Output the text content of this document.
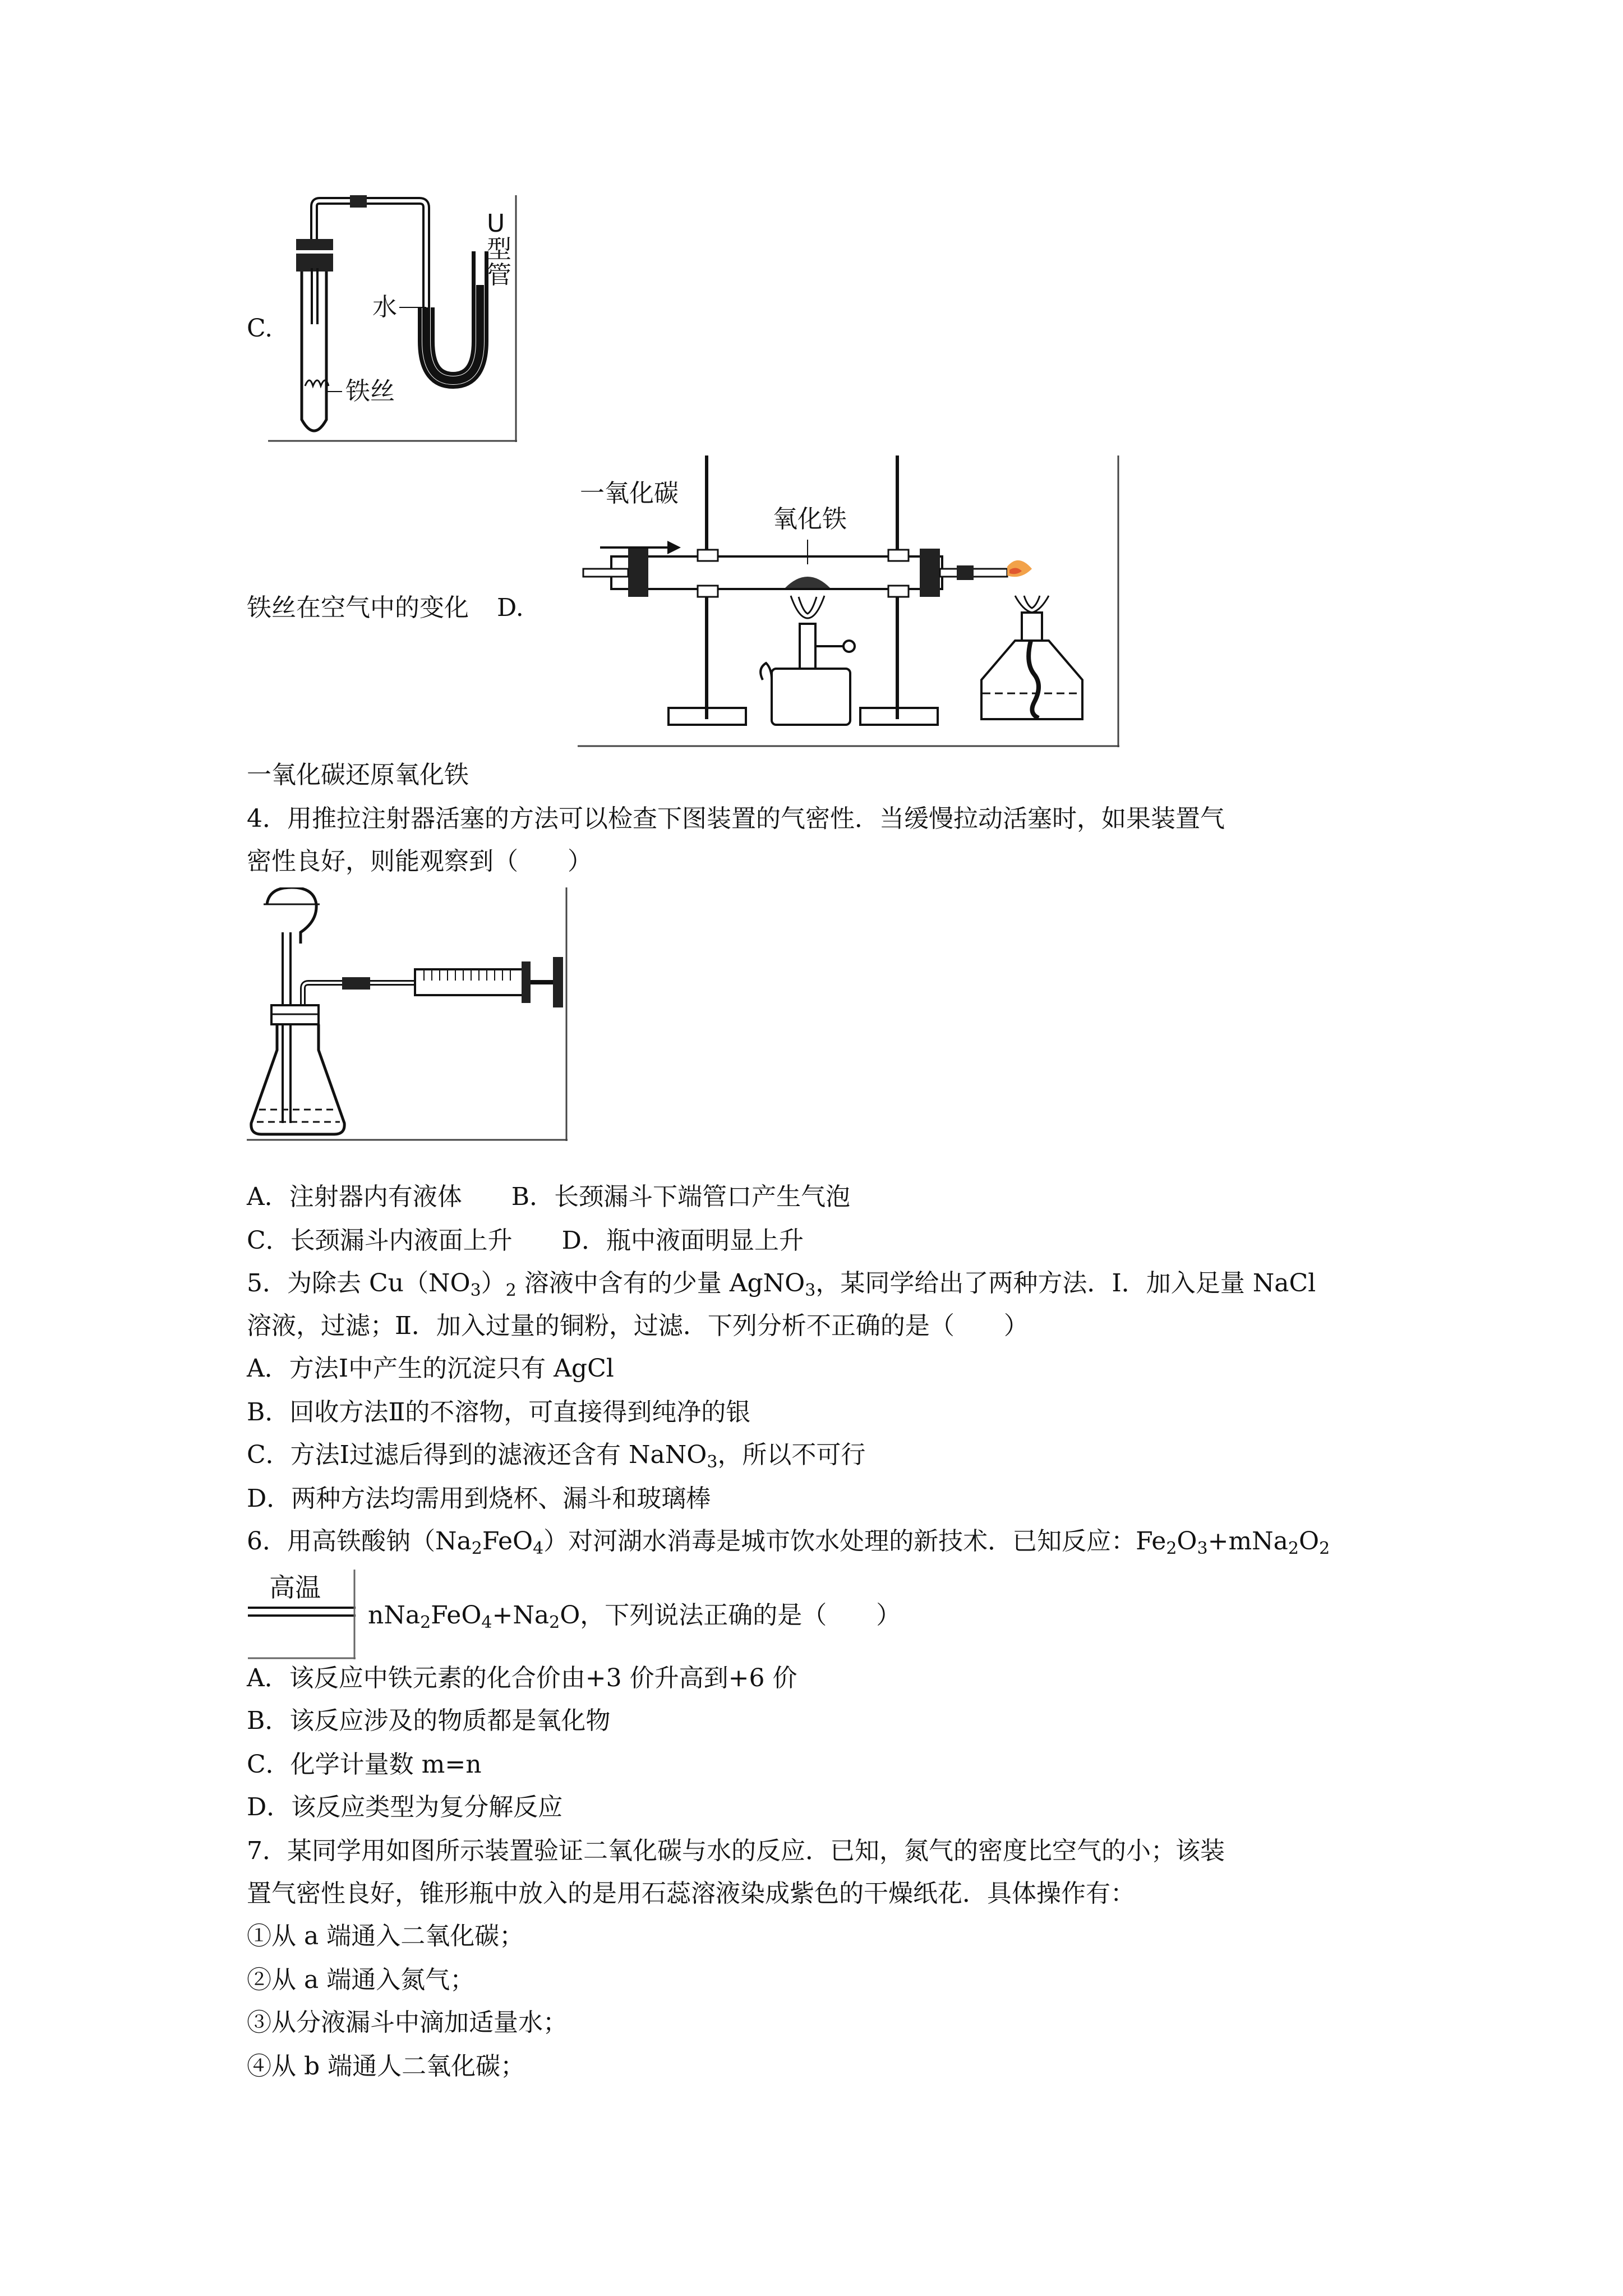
C.
U型管
水
铁丝
铁丝在空气中的变化 D.
一氧化碳
氧化铁
一氧化碳还原氧化铁
4．用推拉注射器活塞的方法可以检查下图装置的气密性．当缓慢拉动活塞时，如果装置气
密性良好，则能观察到（　　）
A．注射器内有液体　　B．长颈漏斗下端管口产生气泡
C．长颈漏斗内液面上升　　D．瓶中液面明显上升
5．为除去 $Cu(NO_3)_2$ 溶液中含有的少量 AgNO$_3$，某同学给出了两种方法．Ⅰ．加入足量 NaCl
溶液，过滤；Ⅱ．加入过量的铜粉，过滤．下列分析不正确的是（　　）
A．方法Ⅰ中产生的沉淀只有 AgCl
B．回收方法Ⅱ的不溶物，可直接得到纯净的银
C．方法Ⅰ过滤后得到的滤液还含有 NaNO$_3$，所以不可行
D．两种方法均需用到烧杯、漏斗和玻璃棒
6．用高铁酸钠$(Na_2FeO_4)$对河湖水消毒是城市饮水处理的新技术．已知反应：$Fe_2O_3+mNa_2O_2$
高温
$nNa_2FeO_4+Na_2O$，下列说法正确的是（　　）
A．该反应中铁元素的化合价由+3 价升高到+6 价
B．该反应涉及的物质都是氧化物
C．化学计量数 m=n
D．该反应类型为复分解反应
7．某同学用如图所示装置验证二氧化碳与水的反应．已知，氮气的密度比空气的小；该装
置气密性良好，锥形瓶中放入的是用石蕊溶液染成紫色的干燥纸花．具体操作有：
①从 a 端通入二氧化碳；
②从 a 端通入氮气；
③从分液漏斗中滴加适量水；
④从 b 端通人二氧化碳；
